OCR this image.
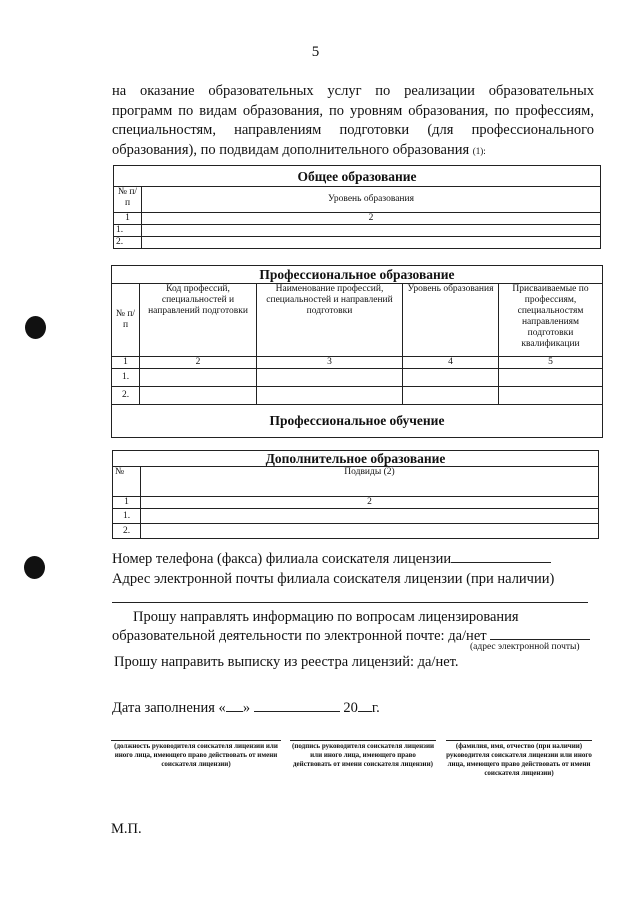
5
на оказание образовательных услуг по реализации образовательных программ по видам образования, по уровням образования, по профессиям, специальностям, направлениям подготовки (для профессионального образования), по подвидам дополнительного образования (1):
Общее образование	
№ п/п	Уровень образования
1	2
1.	
2.	
Профессиональное образование				
№ п/п	Код профессий, специальностей и направлений подготовки	Наименование профессий, специальностей и направлений подготовки	Уровень образования	Присваиваемые по профессиям, специальностям направлениям подготовки квалификации
1	2	3	4	5
1.				
2.				
Профессиональное обучение
Дополнительное образование	
№	Подвиды (2)
1	2
1.	
2.	
Номер телефона (факса) филиала соискателя лицензии
Адрес электронной почты филиала соискателя лицензии (при наличии)
Прошу направлять информацию по вопросам лицензирования
образовательной деятельности по электронной почте: да/нет
(адрес электронной почты)
Прошу направить выписку из реестра лицензий: да/нет.
Дата заполнения « »	20 г.
(должность руководителя соискателя лицензии или иного лица, имеющего право действовать от имени соискателя лицензии)
(подпись руководителя соискателя лицензии или иного лица, имеющего право действовать от имени соискателя лицензии)
(фамилия, имя, отчество (при наличии) руководителя соискателя лицензии или иного лица, имеющего право действовать от имени соискателя лицензии)
М.П.
